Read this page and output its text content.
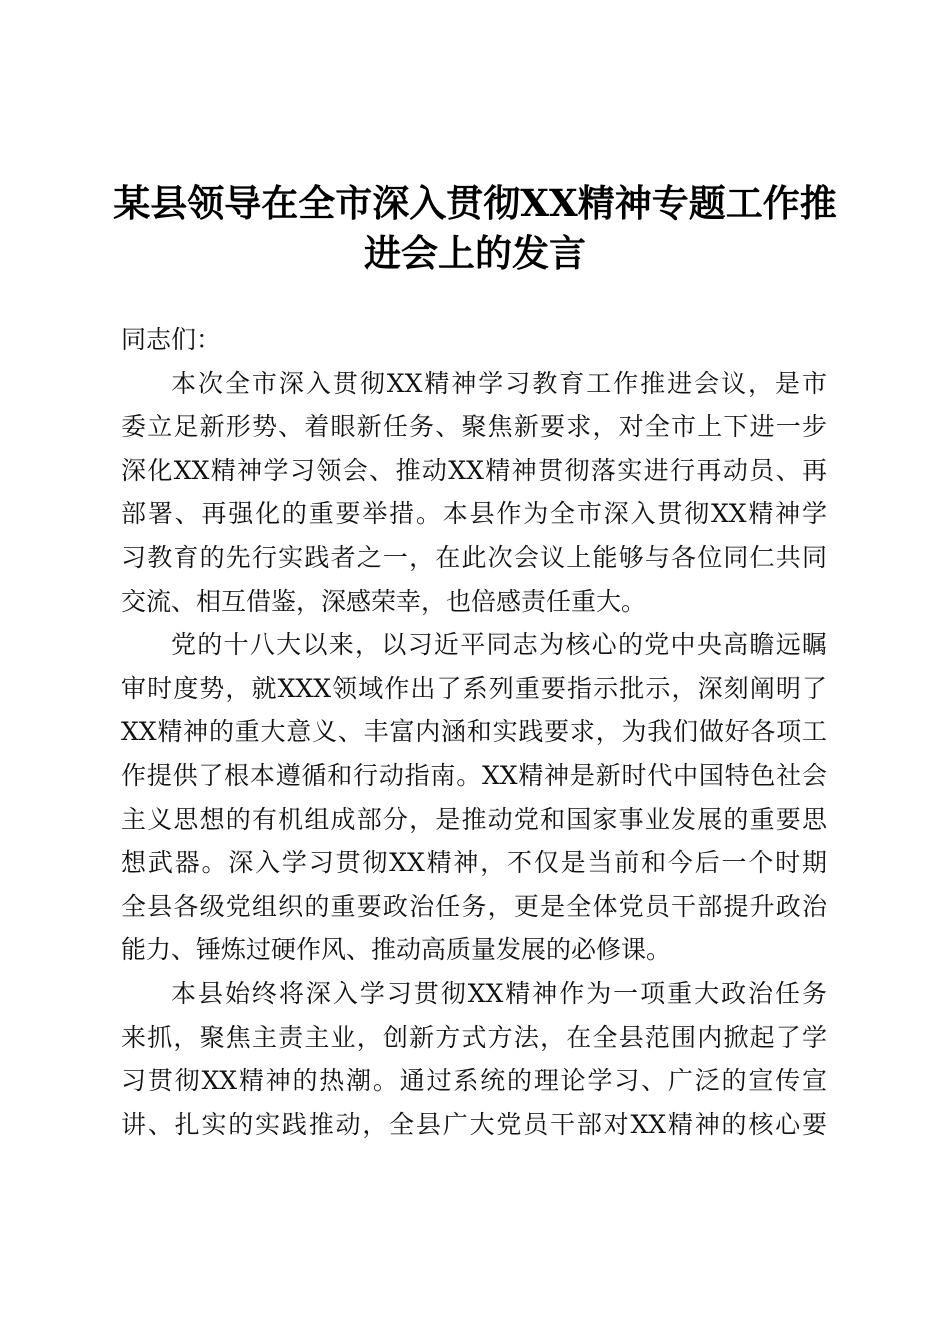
某县领导在全市深入贯彻XX精神专题工作推
进会上的发言

同志们：

本次全市深入贯彻XX精神学习教育工作推进会议，是市
委立足新形势、着眼新任务、聚焦新要求，对全市上下进一步
深化XX精神学习领会、推动XX精神贯彻落实进行再动员、再
部署、再强化的重要举措。本县作为全市深入贯彻XX精神学
习教育的先行实践者之一，在此次会议上能够与各位同仁共同
交流、相互借鉴，深感荣幸，也倍感责任重大。

党的十八大以来，以习近平同志为核心的党中央高瞻远瞩
审时度势，就XXX领域作出了系列重要指示批示，深刻阐明了
XX精神的重大意义、丰富内涵和实践要求，为我们做好各项工
作提供了根本遵循和行动指南。XX精神是新时代中国特色社会
主义思想的有机组成部分，是推动党和国家事业发展的重要思
想武器。深入学习贯彻XX精神，不仅是当前和今后一个时期
全县各级党组织的重要政治任务，更是全体党员干部提升政治
能力、锤炼过硬作风、推动高质量发展的必修课。

本县始终将深入学习贯彻XX精神作为一项重大政治任务
来抓，聚焦主责主业，创新方式方法，在全县范围内掀起了学
习贯彻XX精神的热潮。通过系统的理论学习、广泛的宣传宣
讲、扎实的实践推动，全县广大党员干部对XX精神的核心要
